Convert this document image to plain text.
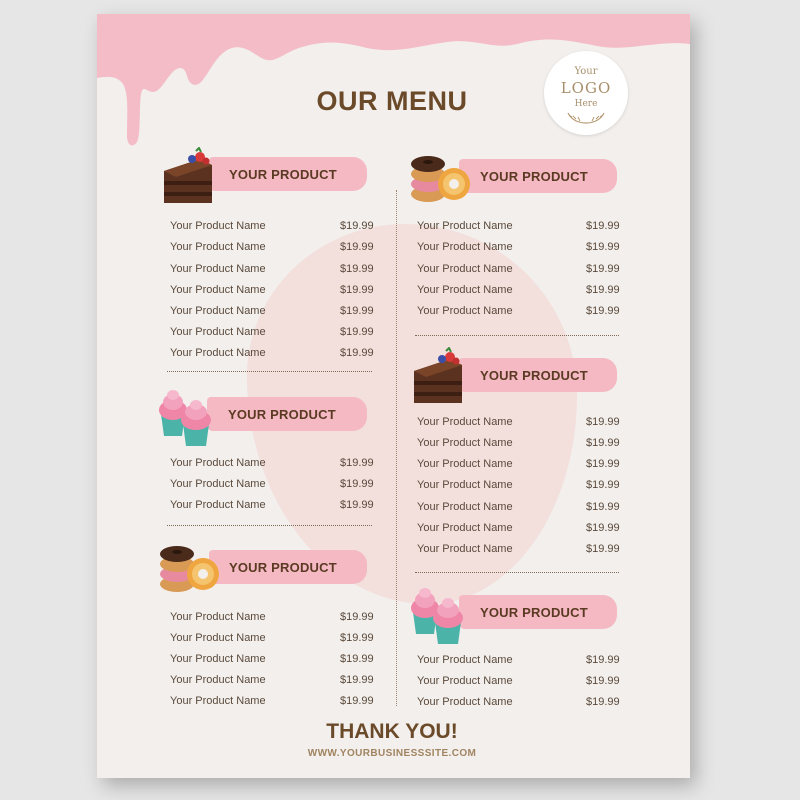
Your
LOGO
Here
OUR MENU
YOUR PRODUCT
Your Product Name	$19.99
Your Product Name	$19.99
Your Product Name	$19.99
Your Product Name	$19.99
Your Product Name	$19.99
Your Product Name	$19.99
Your Product Name	$19.99
YOUR PRODUCT
Your Product Name	$19.99
Your Product Name	$19.99
Your Product Name	$19.99
YOUR PRODUCT
Your Product Name	$19.99
Your Product Name	$19.99
Your Product Name	$19.99
Your Product Name	$19.99
Your Product Name	$19.99
YOUR PRODUCT
Your Product Name	$19.99
Your Product Name	$19.99
Your Product Name	$19.99
Your Product Name	$19.99
Your Product Name	$19.99
YOUR PRODUCT
Your Product Name	$19.99
Your Product Name	$19.99
Your Product Name	$19.99
Your Product Name	$19.99
Your Product Name	$19.99
Your Product Name	$19.99
Your Product Name	$19.99
YOUR PRODUCT
Your Product Name	$19.99
Your Product Name	$19.99
Your Product Name	$19.99
THANK YOU!
WWW.YOURBUSINESSSITE.COM
